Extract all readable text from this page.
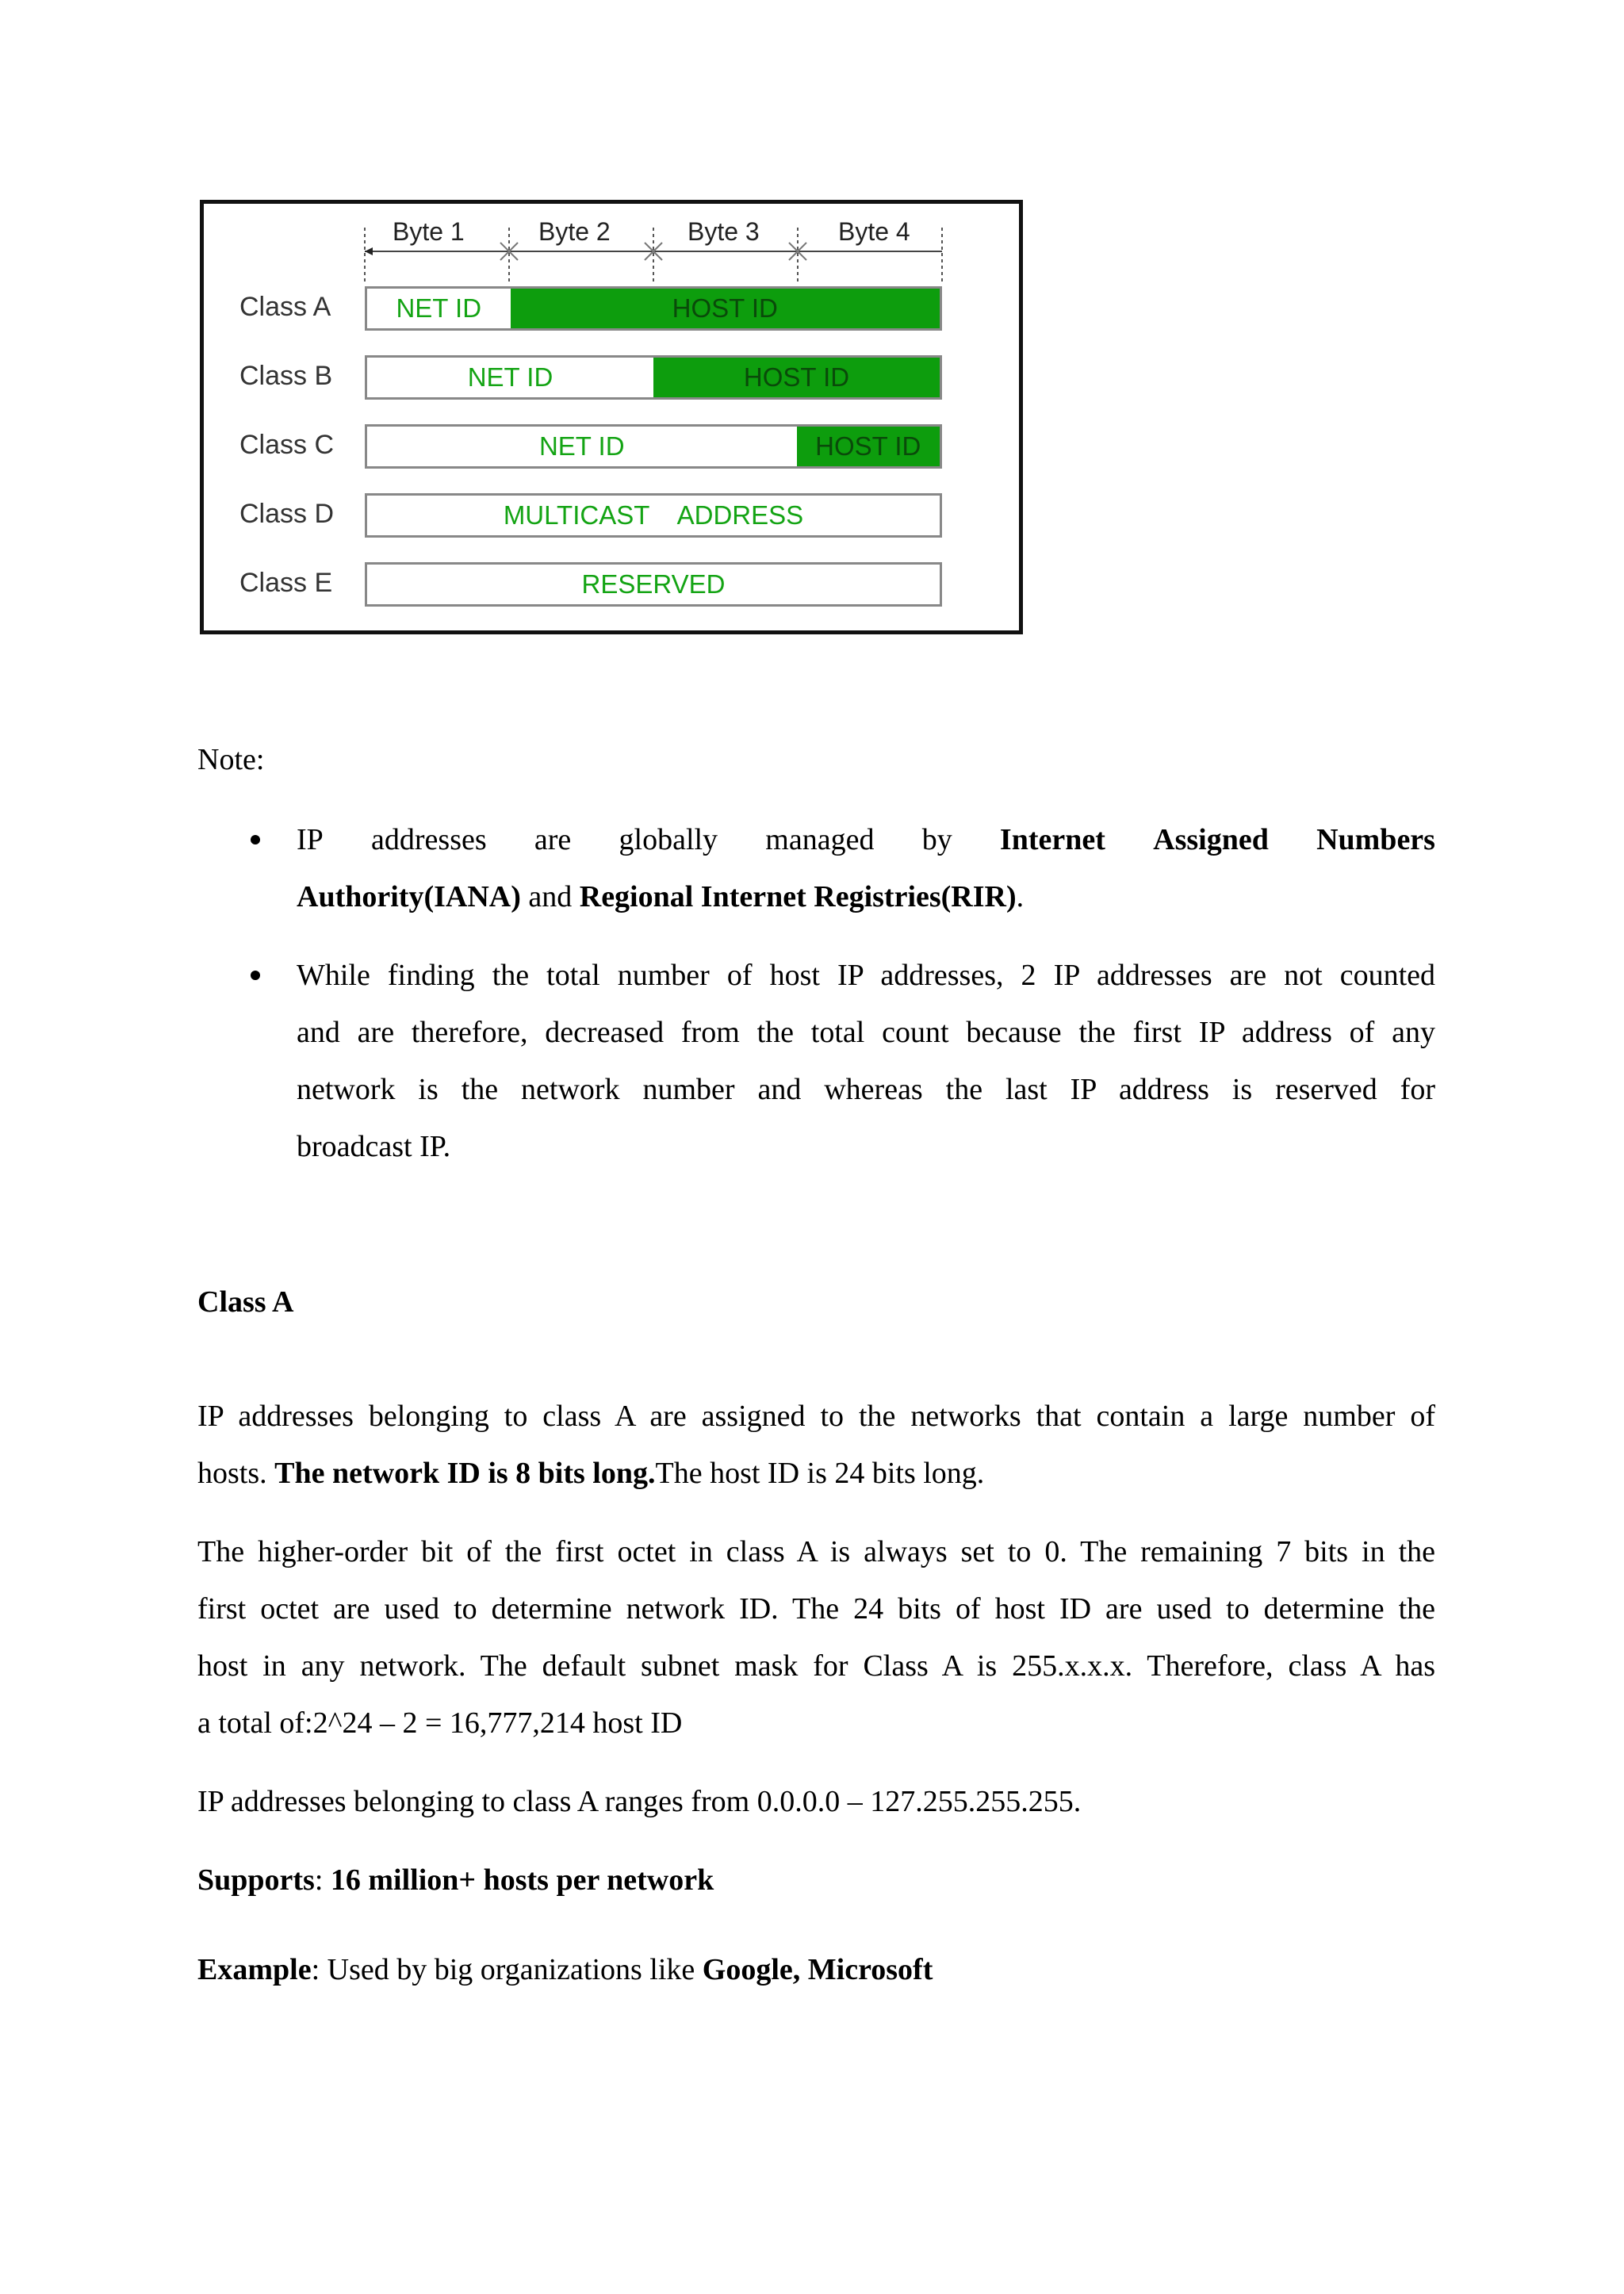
Byte 1	Byte 2	Byte 3	Byte 4
Class A	NET ID	HOST ID
Class B	NET ID	HOST ID
Class C	NET ID	HOST ID
Class D	MULTICAST    ADDRESS
Class E	RESERVED

Note:

IP addresses are globally managed by Internet Assigned Numbers

Authority(IANA) and Regional Internet Registries(RIR).

While finding the total number of host IP addresses, 2 IP addresses are not counted

and are therefore, decreased from the total count because the first IP address of any

network is the network number and whereas the last IP address is reserved for

broadcast IP.

Class A

IP addresses belonging to class A are assigned to the networks that contain a large number of

hosts. The network ID is 8 bits long.The host ID is 24 bits long.

The higher-order bit of the first octet in class A is always set to 0. The remaining 7 bits in the

first octet are used to determine network ID. The 24 bits of host ID are used to determine the

host in any network. The default subnet mask for Class A is 255.x.x.x. Therefore, class A has

a total of:2^24 – 2 = 16,777,214 host ID

IP addresses belonging to class A ranges from 0.0.0.0 – 127.255.255.255.

Supports: 16 million+ hosts per network

Example: Used by big organizations like Google, Microsoft
